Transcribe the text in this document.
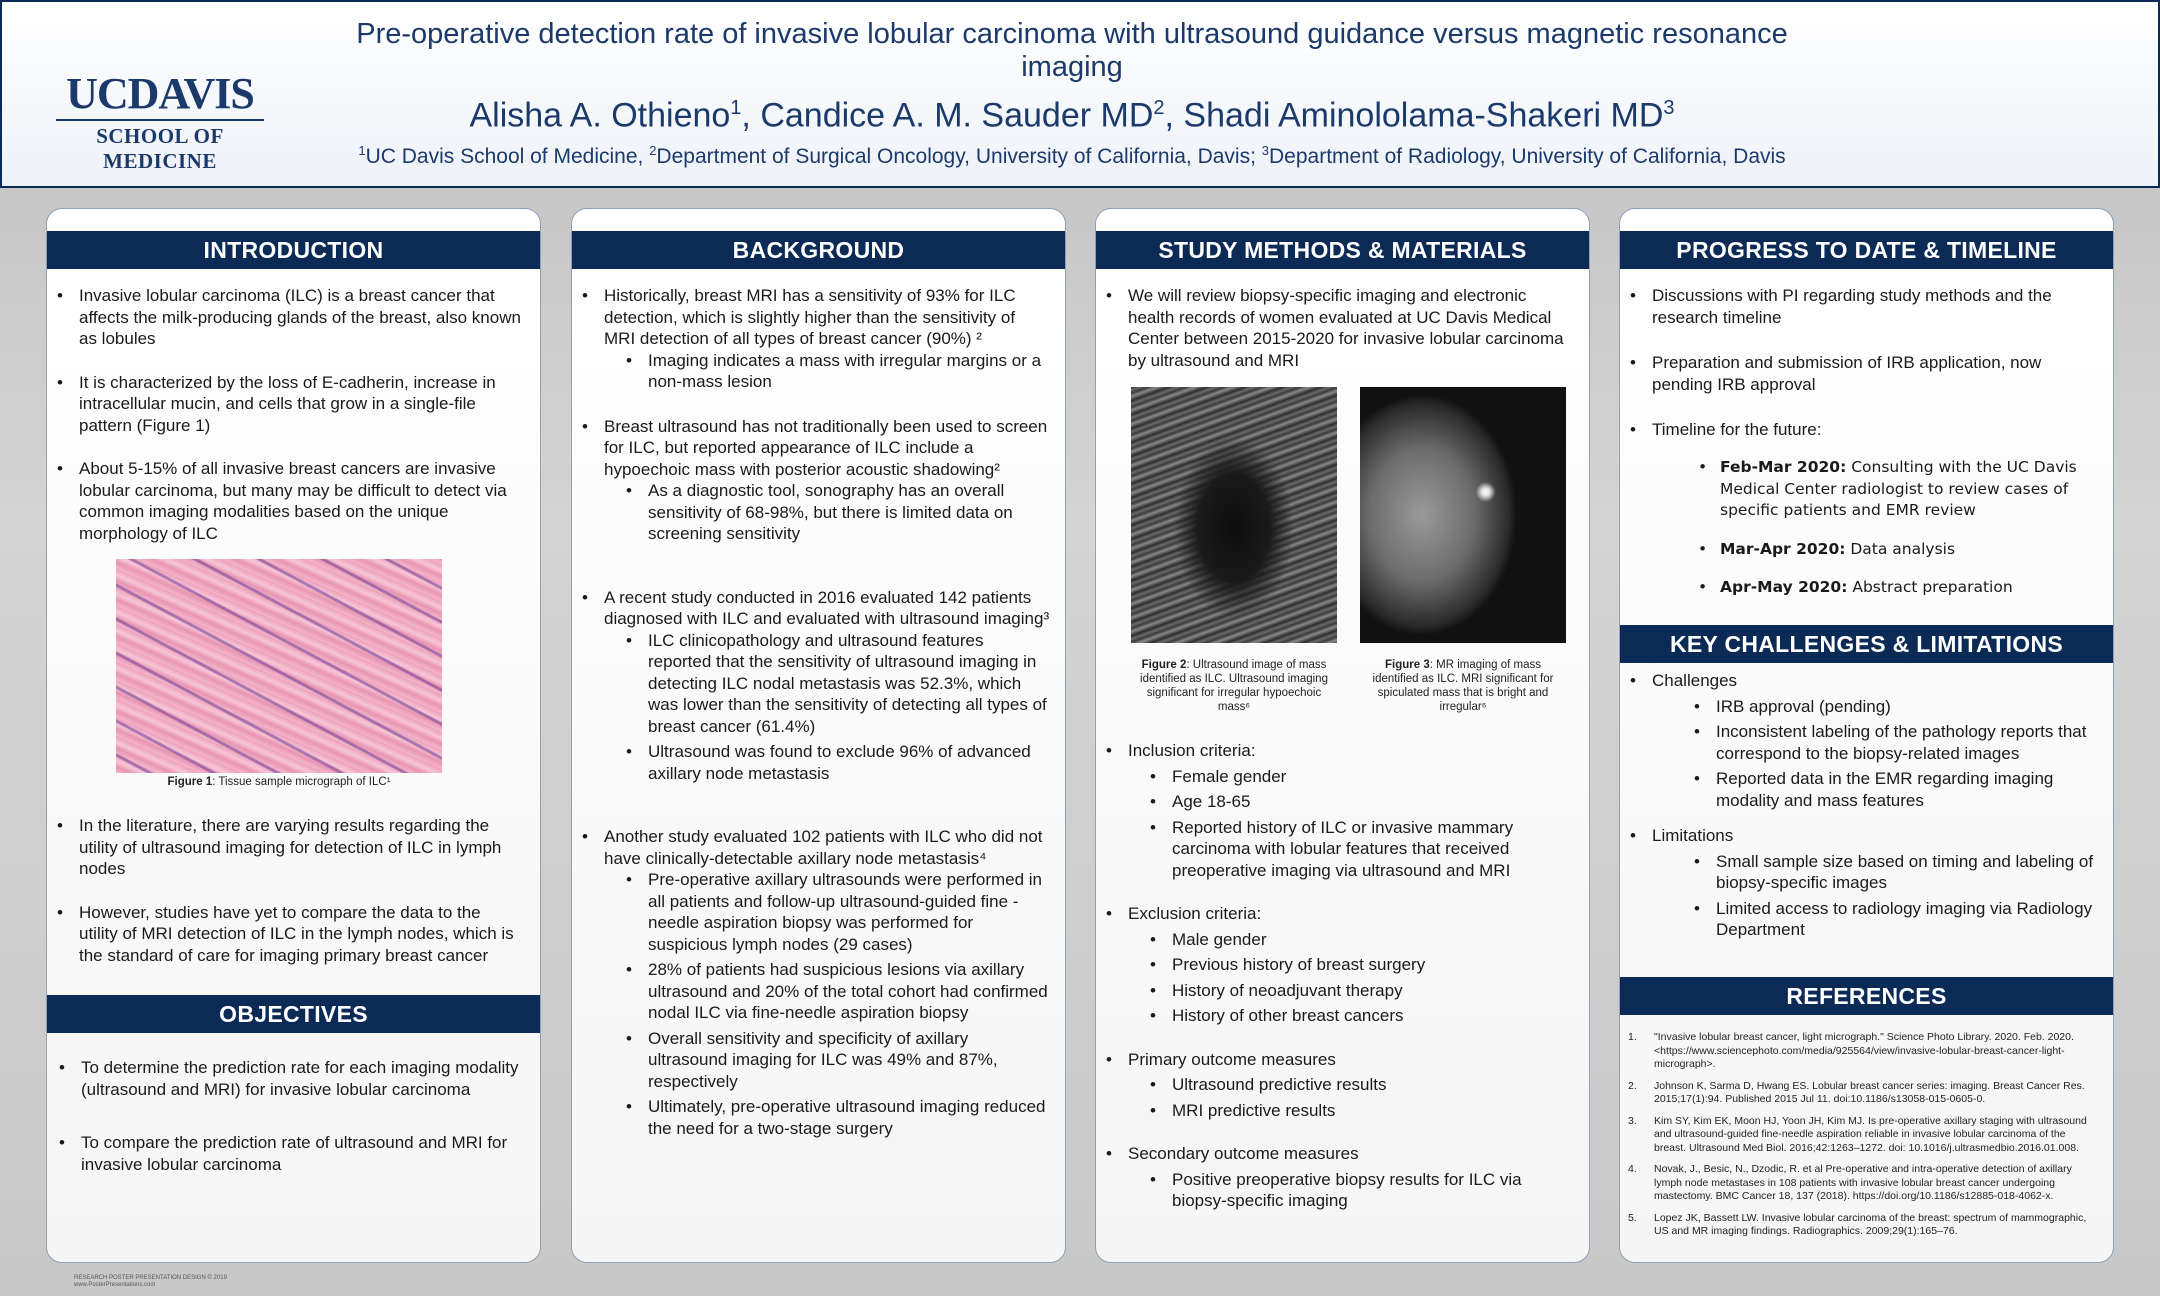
UCDAVIS
SCHOOL OF MEDICINE
Pre-operative detection rate of invasive lobular carcinoma with ultrasound guidance versus magnetic resonance imaging
Alisha A. Othieno$^1$, Candice A. M. Sauder $MD^2$, Shadi Aminololama-Shakeri $MD^3$
$^1$UC Davis School of Medicine, $^2$Department of Surgical Oncology, University of California, Davis; $^3$Department of Radiology, University of California, Davis
INTRODUCTION
• Invasive lobular carcinoma (ILC) is a breast cancer that affects the milk-producing glands of the breast, also known as lobules
• It is characterized by the loss of E-cadherin, increase in intracellular mucin, and cells that grow in a single-file pattern (Figure 1)
• About 5-15% of all invasive breast cancers are invasive lobular carcinoma, but many may be difficult to detect via common imaging modalities based on the unique morphology of ILC
Figure 1: Tissue sample micrograph of ILC¹
• In the literature, there are varying results regarding the utility of ultrasound imaging for detection of ILC in lymph nodes
• However, studies have yet to compare the data to the utility of MRI detection of ILC in the lymph nodes, which is the standard of care for imaging primary breast cancer
OBJECTIVES
• To determine the prediction rate for each imaging modality (ultrasound and MRI) for invasive lobular carcinoma
• To compare the prediction rate of ultrasound and MRI for invasive lobular carcinoma
BACKGROUND
• Historically, breast MRI has a sensitivity of 93% for ILC detection, which is slightly higher than the sensitivity of MRI detection of all types of breast cancer (90%) ²
• Imaging indicates a mass with irregular margins or a non-mass lesion
• Breast ultrasound has not traditionally been used to screen for ILC, but reported appearance of ILC include a hypoechoic mass with posterior acoustic shadowing²
• As a diagnostic tool, sonography has an overall sensitivity of 68-98%, but there is limited data on screening sensitivity
• A recent study conducted in 2016 evaluated 142 patients diagnosed with ILC and evaluated with ultrasound imaging³
• ILC clinicopathology and ultrasound features reported that the sensitivity of ultrasound imaging in detecting ILC nodal metastasis was 52.3%, which was lower than the sensitivity of detecting all types of breast cancer (61.4%)
• Ultrasound was found to exclude 96% of advanced axillary node metastasis
• Another study evaluated 102 patients with ILC who did not have clinically-detectable axillary node metastasis⁴
• Pre-operative axillary ultrasounds were performed in all patients and follow-up ultrasound-guided fine -needle aspiration biopsy was performed for suspicious lymph nodes (29 cases)
• 28% of patients had suspicious lesions via axillary ultrasound and 20% of the total cohort had confirmed nodal ILC via fine-needle aspiration biopsy
• Overall sensitivity and specificity of axillary ultrasound imaging for ILC was 49% and 87%, respectively
• Ultimately, pre-operative ultrasound imaging reduced the need for a two-stage surgery
STUDY METHODS & MATERIALS
• We will review biopsy-specific imaging and electronic health records of women evaluated at UC Davis Medical Center between 2015-2020 for invasive lobular carcinoma by ultrasound and MRI
Figure 2: Ultrasound image of mass identified as ILC. Ultrasound imaging significant for irregular hypoechoic mass⁶
Figure 3: MR imaging of mass identified as ILC. MRI significant for spiculated mass that is bright and irregular⁶
• Inclusion criteria:
• Female gender
• Age 18-65
• Reported history of ILC or invasive mammary carcinoma with lobular features that received preoperative imaging via ultrasound and MRI
• Exclusion criteria:
• Male gender
• Previous history of breast surgery
• History of neoadjuvant therapy
• History of other breast cancers
• Primary outcome measures
• Ultrasound predictive results
• MRI predictive results
• Secondary outcome measures
• Positive preoperative biopsy results for ILC via biopsy-specific imaging
PROGRESS TO DATE & TIMELINE
• Discussions with PI regarding study methods and the research timeline
• Preparation and submission of IRB application, now pending IRB approval
• Timeline for the future:
• Feb-Mar 2020: Consulting with the UC Davis Medical Center radiologist to review cases of specific patients and EMR review
• Mar-Apr 2020: Data analysis
• Apr-May 2020: Abstract preparation
KEY CHALLENGES & LIMITATIONS
• Challenges
• IRB approval (pending)
• Inconsistent labeling of the pathology reports that correspond to the biopsy-related images
• Reported data in the EMR regarding imaging modality and mass features
• Limitations
• Small sample size based on timing and labeling of biopsy-specific images
• Limited access to radiology imaging via Radiology Department
REFERENCES
1. "Invasive lobular breast cancer, light micrograph." Science Photo Library. 2020. Feb. 2020. <https://www.sciencephoto.com/media/925564/view/invasive-lobular-breast-cancer-light-micrograph>.
2. Johnson K, Sarma D, Hwang ES. Lobular breast cancer series: imaging. Breast Cancer Res. 2015;17(1):94. Published 2015 Jul 11. doi:10.1186/s13058-015-0605-0.
3. Kim SY, Kim EK, Moon HJ, Yoon JH, Kim MJ. Is pre-operative axillary staging with ultrasound and ultrasound-guided fine-needle aspiration reliable in invasive lobular carcinoma of the breast. Ultrasound Med Biol. 2016;42:1263–1272. doi: 10.1016/j.ultrasmedbio.2016.01.008.
4. Novak, J., Besic, N., Dzodic, R. et al Pre-operative and intra-operative detection of axillary lymph node metastases in 108 patients with invasive lobular breast cancer undergoing mastectomy. BMC Cancer 18, 137 (2018). https://doi.org/10.1186/s12885-018-4062-x.
5. Lopez JK, Bassett LW. Invasive lobular carcinoma of the breast: spectrum of mammographic, US and MR imaging findings. Radiographics. 2009;29(1):165–76.
RESEARCH POSTER PRESENTATION DESIGN © 2019
www.PosterPresentations.com
